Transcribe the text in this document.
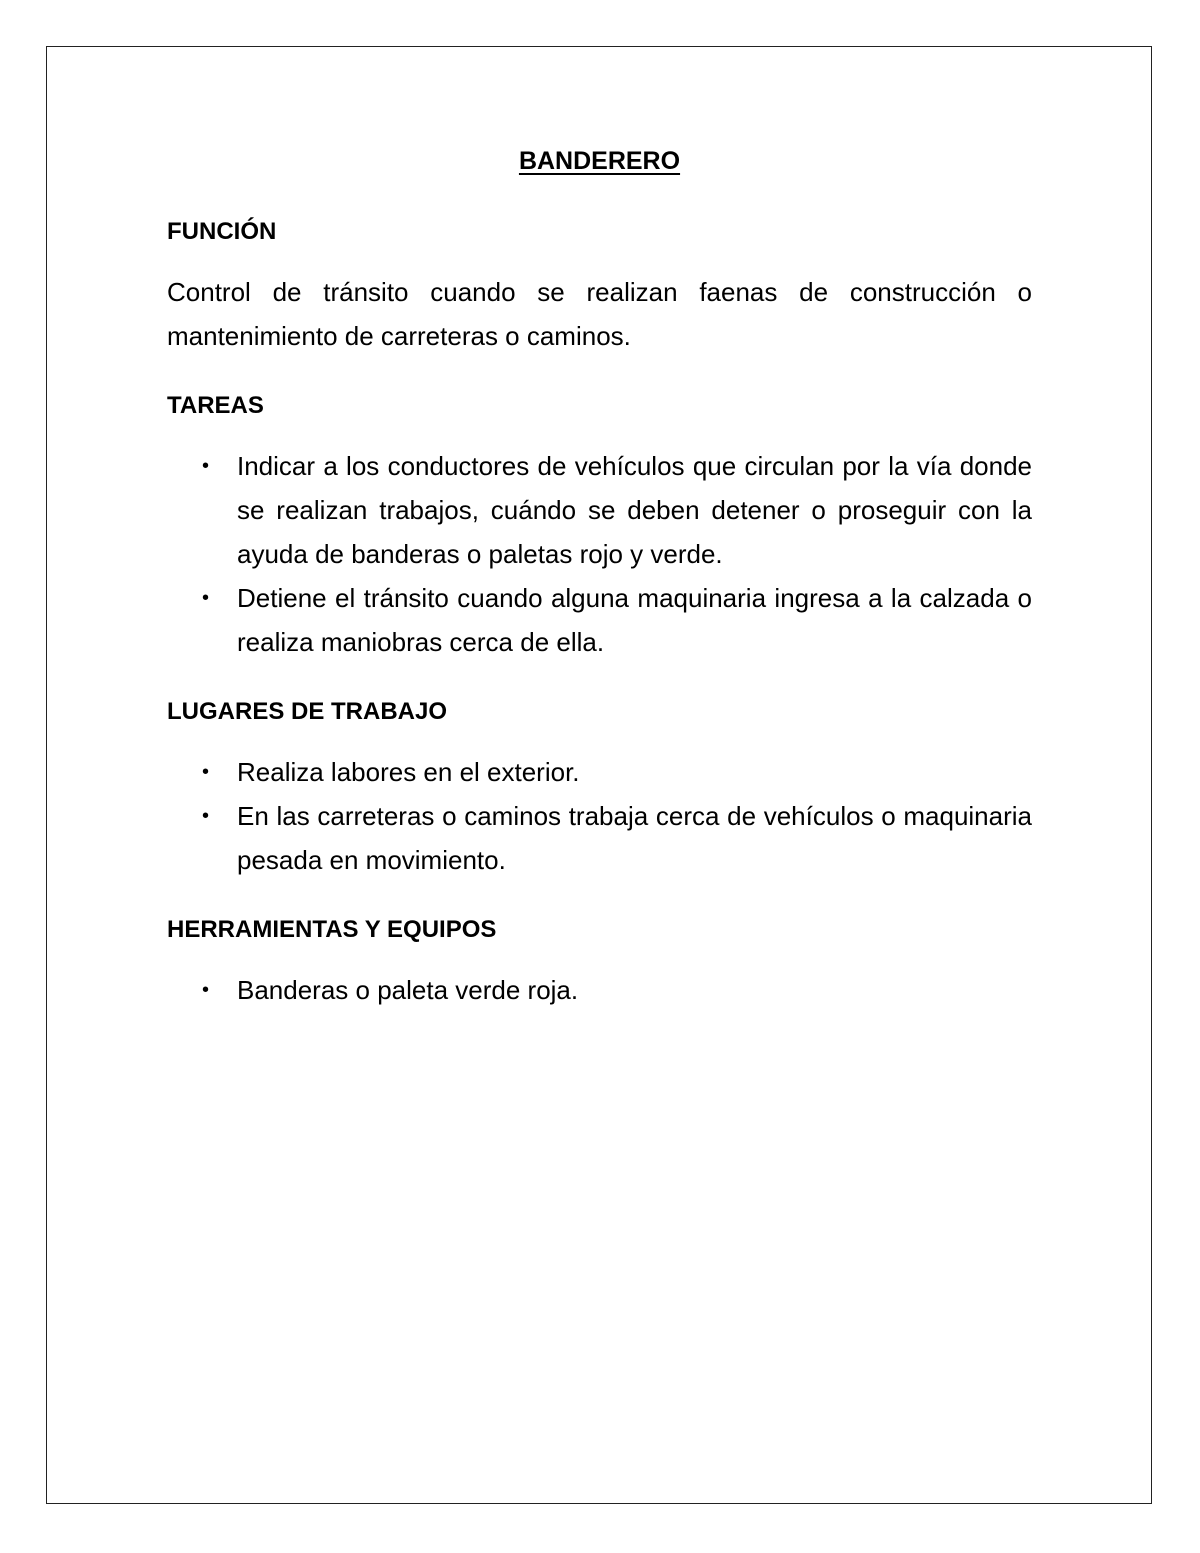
BANDERERO
FUNCIÓN

Control de tránsito cuando se realizan faenas de construcción o mantenimiento de carreteras o caminos.

TAREAS
• Indicar a los conductores de vehículos que circulan por la vía donde se realizan trabajos, cuándo se deben detener o proseguir con la ayuda de banderas o paletas rojo y verde.
• Detiene el tránsito cuando alguna maquinaria ingresa a la calzada o realiza maniobras cerca de ella.
LUGARES DE TRABAJO
• Realiza labores en el exterior.
• En las carreteras o caminos trabaja cerca de vehículos o maquinaria pesada en movimiento.
HERRAMIENTAS Y EQUIPOS
• Banderas o paleta verde roja.
